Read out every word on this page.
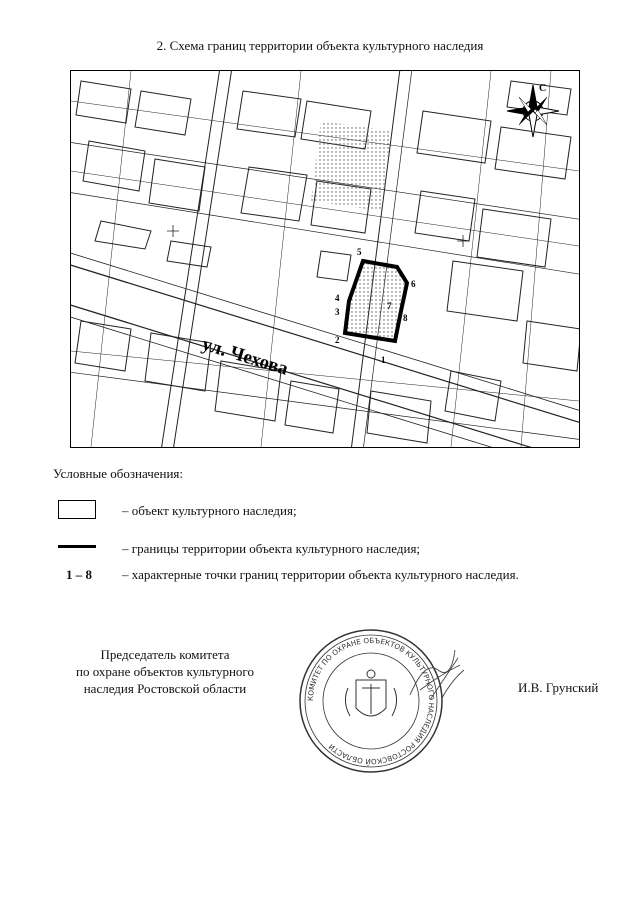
2. Схема границ территории объекта культурного наследия
С
ул. Чехова	1
2
3
4
5
6
7
8
Условные обозначения:
– объект культурного наследия;
– границы территории объекта культурного наследия;
1 – 8 – характерные точки границ территории объекта культурного наследия.
Председатель комитета
по охране объектов культурного
наследия Ростовской области
КОМИТЕТ ПО ОХРАНЕ ОБЪЕКТОВ КУЛЬТУРНОГО НАСЛЕДИЯ РОСТОВСКОЙ ОБЛАСТИ
И.В. Грунский
